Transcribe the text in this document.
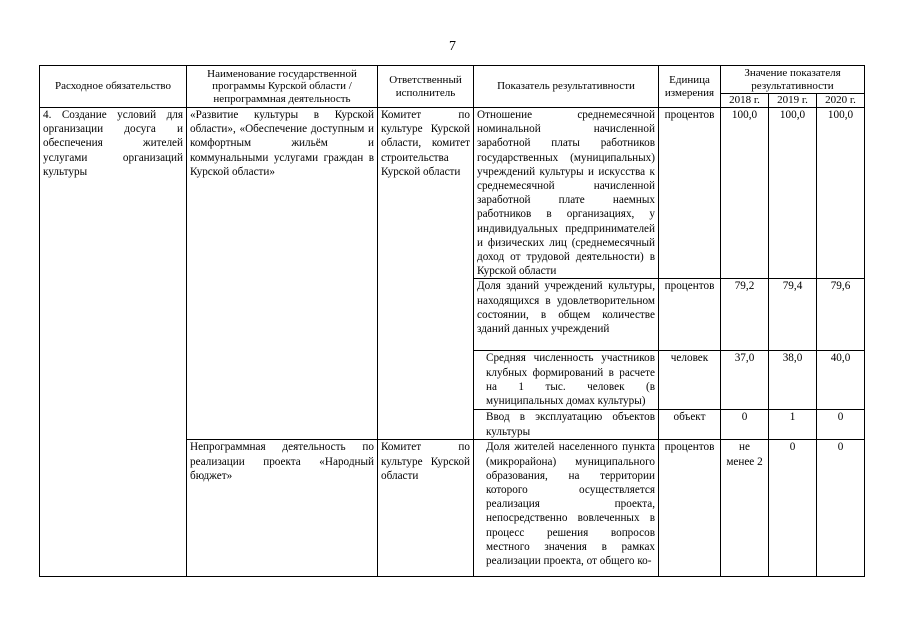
7
Расходное обязательство	Наименование государственной программы Курской области / непрограммная деятельность	Ответственный исполнитель	Показатель результативности	Единица измерения	Значение показателя результативности		
					2018 г.	2019 г.	2020 г.
4. Создание условий для организации досуга и обеспечения жителей услугами организаций культуры	«Развитие культуры в Курской области», «Обеспечение доступным и комфортным жильём и коммунальными услугами граждан в Курской области»	Комитет по культуре Курской области, комитет строительства Курской области	Отношение среднемесячной номинальной начисленной заработной платы работников государственных (муниципальных) учреждений культуры и искусства к среднемесячной начисленной заработной плате наемных работников в организациях, у индивидуальных предпринимателей и физических лиц (среднемесячный доход от трудовой деятельности) в Курской области	процентов	100,0	100,0	100,0
			Доля зданий учреждений культуры, находящихся в удовлетворительном состоянии, в общем количестве зданий данных учреждений	процентов	79,2	79,4	79,6
			Средняя численность участников клубных формирований в расчете на 1 тыс. человек (в муниципальных домах культуры)	человек	37,0	38,0	40,0
			Ввод в эксплуатацию объектов культуры	объект	0	1	0
	Непрограммная деятельность по реализации проекта «Народный бюджет»	Комитет по культуре Курской области	Доля жителей населенного пункта (микрорайона) муниципального образования, на территории которого осуществляется реализация проекта, непосредственно вовлеченных в процесс решения вопросов местного значения в рамках реализации проекта, от общего ко-	процентов	не менее 2	0	0
